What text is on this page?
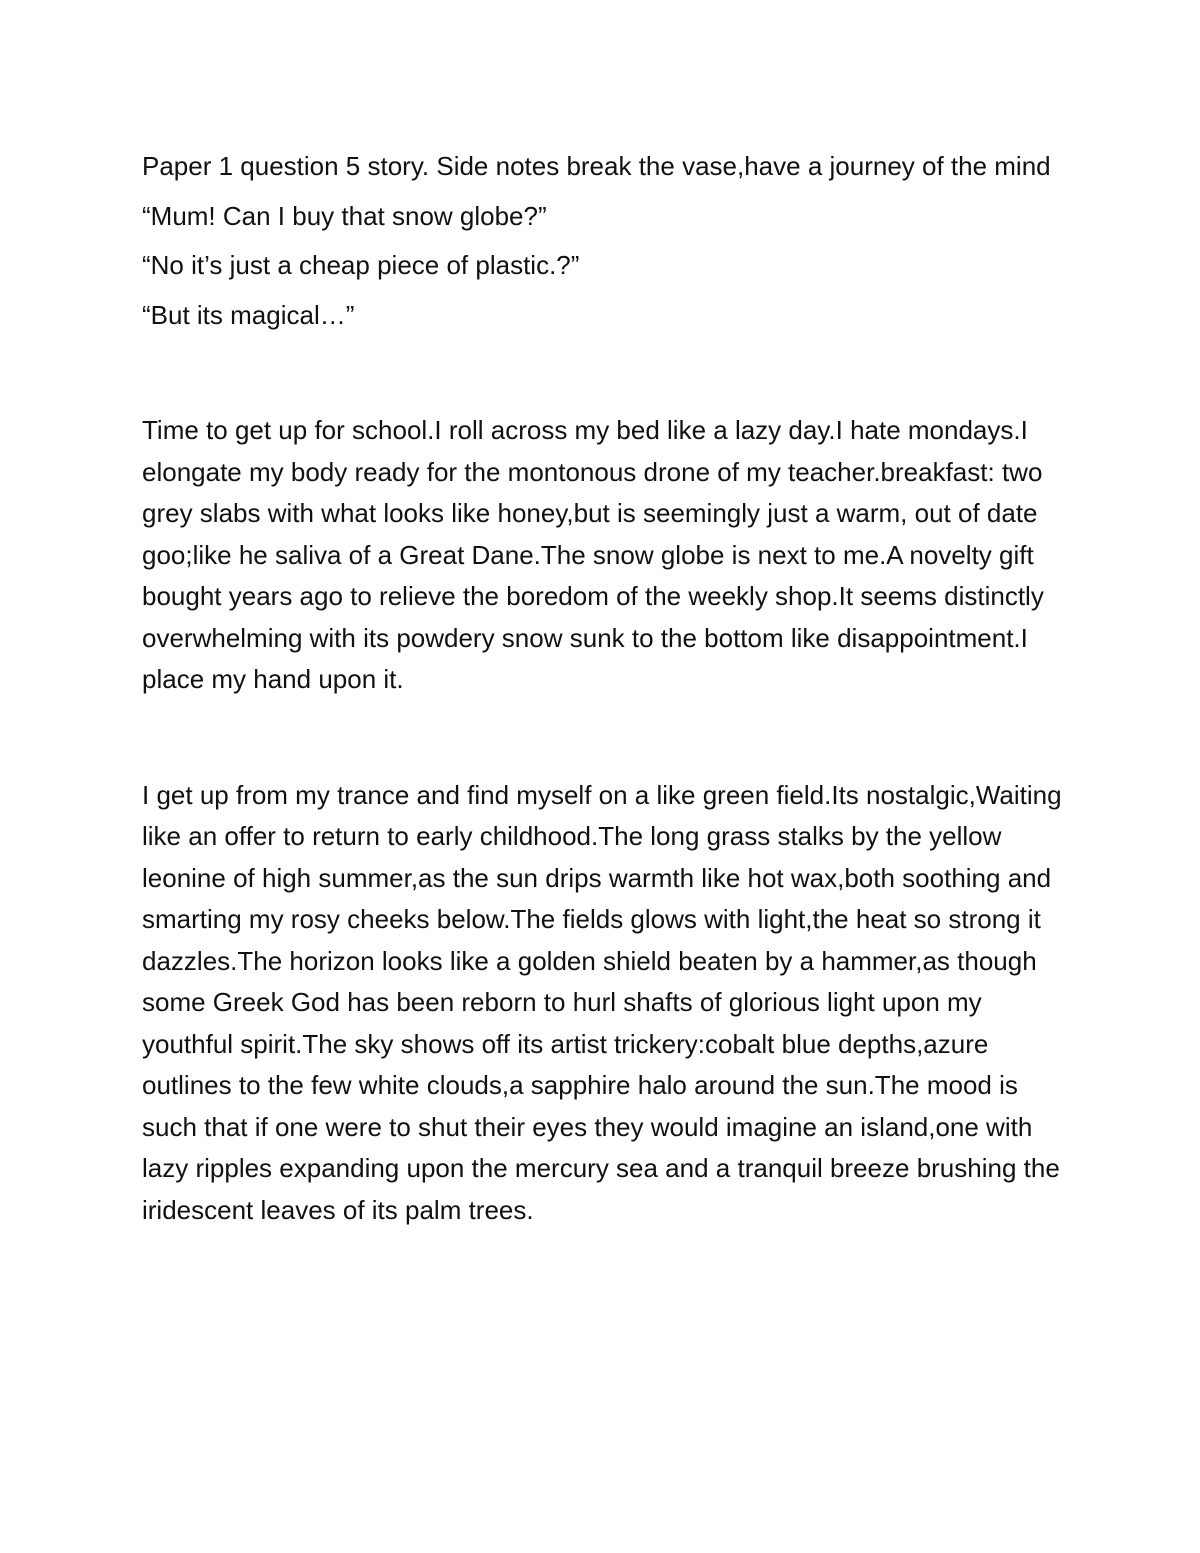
Paper 1 question 5 story. Side notes break the vase,have a journey of the mind

“Mum! Can I buy that snow globe?”

“No it’s just a cheap piece of plastic.?”

“But its magical…”

Time to get up for school.I roll across my bed like a lazy day.I hate mondays.I elongate my body ready for the montonous drone of my teacher.breakfast: two grey slabs with what looks like honey,but is seemingly just a warm, out of date goo;like he saliva of a Great Dane.The snow globe is next to me.A novelty gift bought years ago to relieve the boredom of the weekly shop.It seems distinctly overwhelming with its powdery snow sunk to the bottom like disappointment.I place my hand upon it.

I get up from my trance and find myself on a like green field.Its nostalgic,Waiting like an offer to return to early childhood.The long grass stalks by the yellow leonine of high summer,as the sun drips warmth like hot wax,both soothing and smarting my rosy cheeks below.The fields glows with light,the heat so strong it dazzles.The horizon looks like a golden shield beaten by a hammer,as though some Greek God has been reborn to hurl shafts of glorious light upon my youthful spirit.The sky shows off its artist trickery:cobalt blue depths,azure outlines to the few white clouds,a sapphire halo around the sun.The mood is such that if one were to shut their eyes they would imagine an island,one with lazy ripples expanding upon the mercury sea and a tranquil breeze brushing the iridescent leaves of its palm trees.
